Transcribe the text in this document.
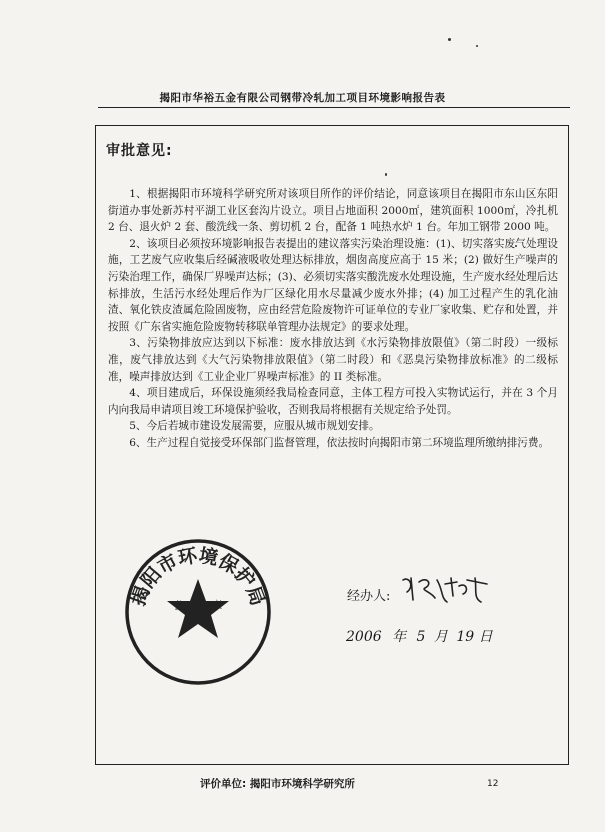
揭阳市华裕五金有限公司钢带冷轧加工项目环境影响报告表
审批意见:

1、根据揭阳市环境科学研究所对该项目所作的评价结论，同意该项目在揭阳市东山区东阳街道办事处新苏村平湖工业区套沟片设立。项目占地面积 2000㎡，建筑面积 1000㎡，冷扎机 2 台、退火炉 2 套、酸洗线一条、剪切机 2 台，配备 1 吨热水炉 1 台。年加工钢带 2000 吨。

2、该项目必须按环境影响报告表提出的建议落实污染治理设施：(1)、切实落实废气处理设施，工艺废气应收集后经碱液吸收处理达标排放，烟囱高度应高于 15 米；(2) 做好生产噪声的污染治理工作，确保厂界噪声达标；(3)、必须切实落实酸洗废水处理设施，生产废水经处理后达标排放，生活污水经处理后作为厂区绿化用水尽量减少废水外排；(4) 加工过程产生的乳化油渣、氧化铁皮渣属危险固废物，应由经营危险废物许可证单位的专业厂家收集、贮存和处置，并按照《广东省实施危险废物转移联单管理办法规定》的要求处理。

3、污染物排放应达到以下标准：废水排放达到《水污染物排放限值》（第二时段）一级标准，废气排放达到《大气污染物排放限值》（第二时段）和《恶臭污染物排放标准》的二级标准，噪声排放达到《工业企业厂界噪声标准》的 II 类标准。

4、项目建成后，环保设施须经我局检查同意，主体工程方可投入实物试运行，并在 3 个月内向我局申请项目竣工环境保护验收，否则我局将根据有关规定给予处罚。

5、今后若城市建设发展需要，应服从城市规划安排。

6、生产过程自觉接受环保部门监督管理，依法按时向揭阳市第二环境监理所缴纳排污费。

揭阳市环境保护局
公 章
经办人:
2006 年 5 月 19 日
评价单位: 揭阳市环境科学研究所	12
